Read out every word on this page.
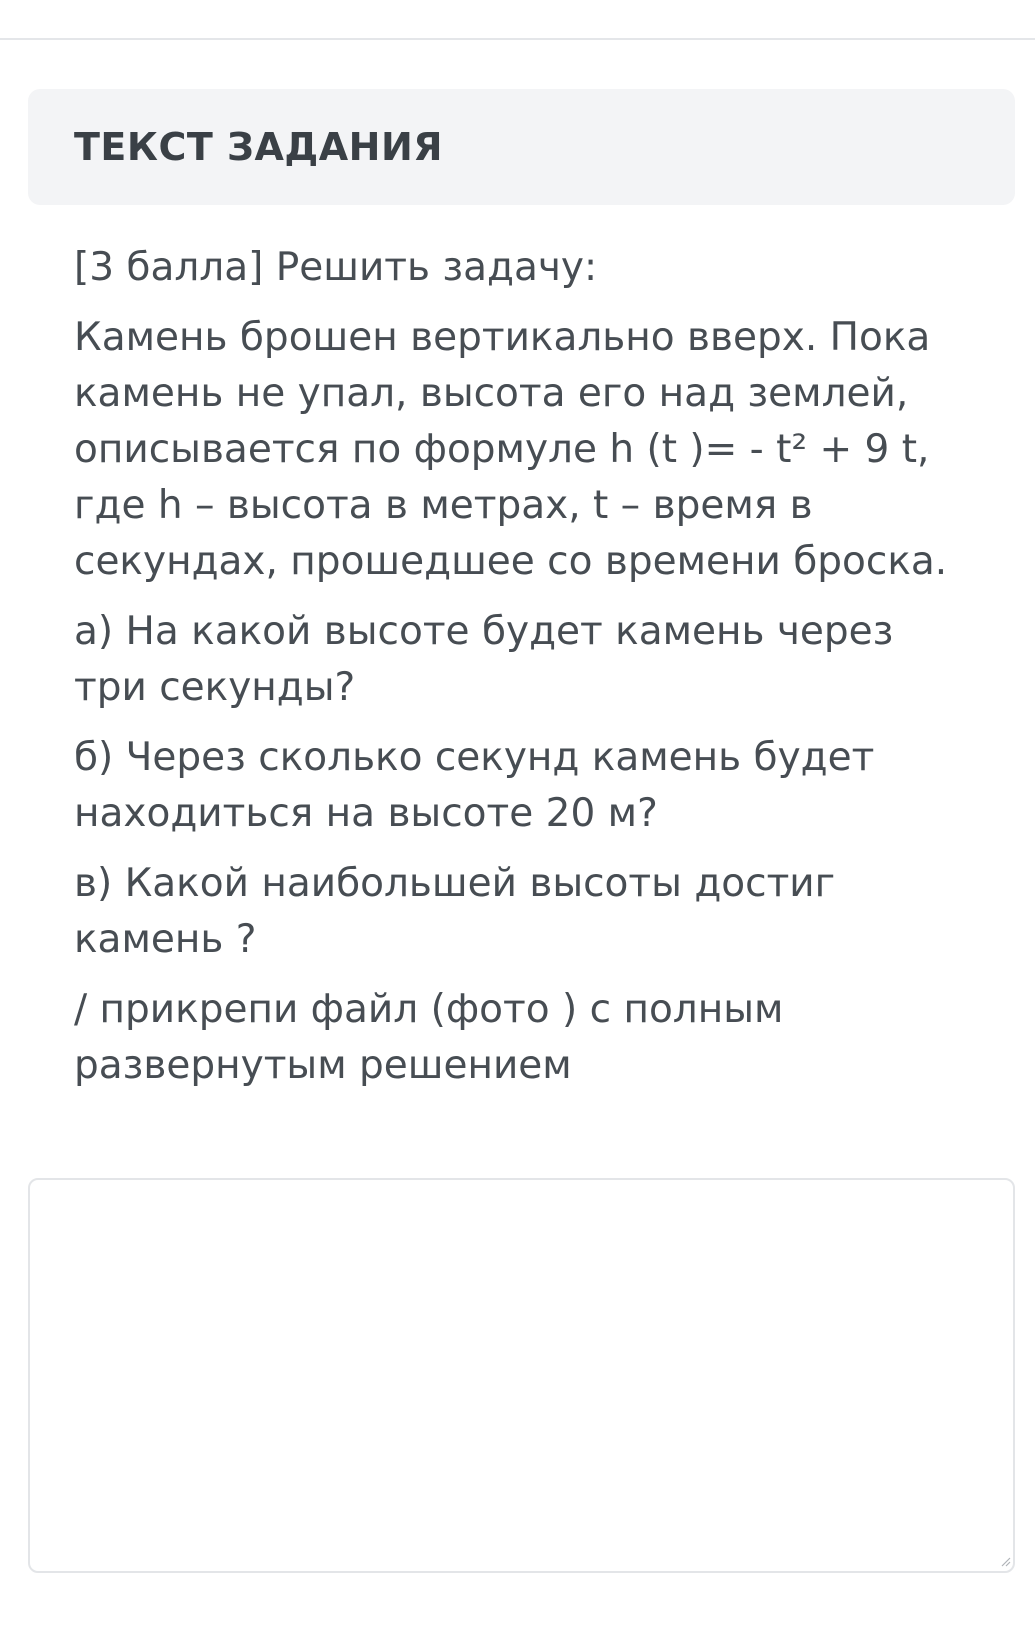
ТЕКСТ ЗАДАНИЯ

[3 балла] Решить задачу:

Камень брошен вертикально вверх. Пока камень не упал, высота его над землей, описывается по формуле h (t )= - t² + 9 t, где h – высота в метрах, t – время в секундах, прошедшее со времени броска.

а) На какой высоте будет камень через три секунды?

б) Через сколько секунд камень будет находиться на высоте 20 м?

в) Какой наибольшей высоты достиг камень ?

/ прикрепи файл (фото ) с полным развернутым решением
